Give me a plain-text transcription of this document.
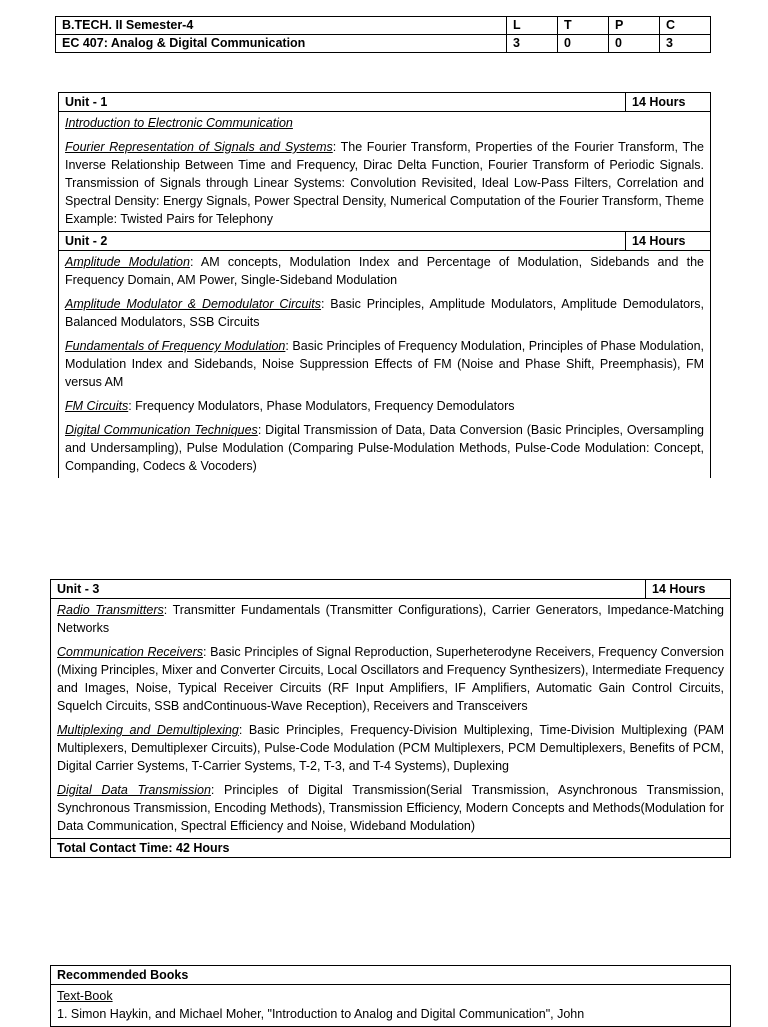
B.TECH. II Semester-4	L	T	P	C
EC 407: Analog & Digital Communication	3	0	0	3
Unit - 1	14 Hours

Introduction to Electronic Communication

Fourier Representation of Signals and Systems: The Fourier Transform, Properties of the Fourier Transform, The Inverse Relationship Between Time and Frequency, Dirac Delta Function, Fourier Transform of Periodic Signals. Transmission of Signals through Linear Systems: Convolution Revisited, Ideal Low-Pass Filters, Correlation and Spectral Density: Energy Signals, Power Spectral Density, Numerical Computation of the Fourier Transform, Theme Example: Twisted Pairs for Telephony	

Unit - 2	14 Hours

Amplitude Modulation: AM concepts, Modulation Index and Percentage of Modulation, Sidebands and the Frequency Domain, AM Power, Single-Sideband Modulation

Amplitude Modulator & Demodulator Circuits: Basic Principles, Amplitude Modulators, Amplitude Demodulators, Balanced Modulators, SSB Circuits

Fundamentals of Frequency Modulation: Basic Principles of Frequency Modulation, Principles of Phase Modulation, Modulation Index and Sidebands, Noise Suppression Effects of FM (Noise and Phase Shift, Preemphasis), FM versus AM

FM Circuits: Frequency Modulators, Phase Modulators, Frequency Demodulators

Digital Communication Techniques: Digital Transmission of Data, Data Conversion (Basic Principles, Oversampling and Undersampling), Pulse Modulation (Comparing Pulse-Modulation Methods, Pulse-Code Modulation: Concept, Companding, Codecs & Vocoders)	

Unit - 3	14 Hours

Radio Transmitters: Transmitter Fundamentals (Transmitter Configurations), Carrier Generators, Impedance-Matching Networks

Communication Receivers: Basic Principles of Signal Reproduction, Superheterodyne Receivers, Frequency Conversion (Mixing Principles, Mixer and Converter Circuits, Local Oscillators and Frequency Synthesizers), Intermediate Frequency and Images, Noise, Typical Receiver Circuits (RF Input Amplifiers, IF Amplifiers, Automatic Gain Control Circuits, Squelch Circuits, SSB andContinuous-Wave Reception), Receivers and Transceivers

Multiplexing and Demultiplexing: Basic Principles, Frequency-Division Multiplexing, Time-Division Multiplexing (PAM Multiplexers, Demultiplexer Circuits), Pulse-Code Modulation (PCM Multiplexers, PCM Demultiplexers, Benefits of PCM, Digital Carrier Systems, T-Carrier Systems, T-2, T-3, and T-4 Systems), Duplexing

Digital Data Transmission: Principles of Digital Transmission(Serial Transmission, Asynchronous Transmission, Synchronous Transmission, Encoding Methods), Transmission Efficiency, Modern Concepts and Methods(Modulation for Data Communication, Spectral Efficiency and Noise, Wideband Modulation)

Total Contact Time: 42 Hours
Recommended Books

Text-Book
1. Simon Haykin, and Michael Moher, "Introduction to Analog and Digital Communication", John
